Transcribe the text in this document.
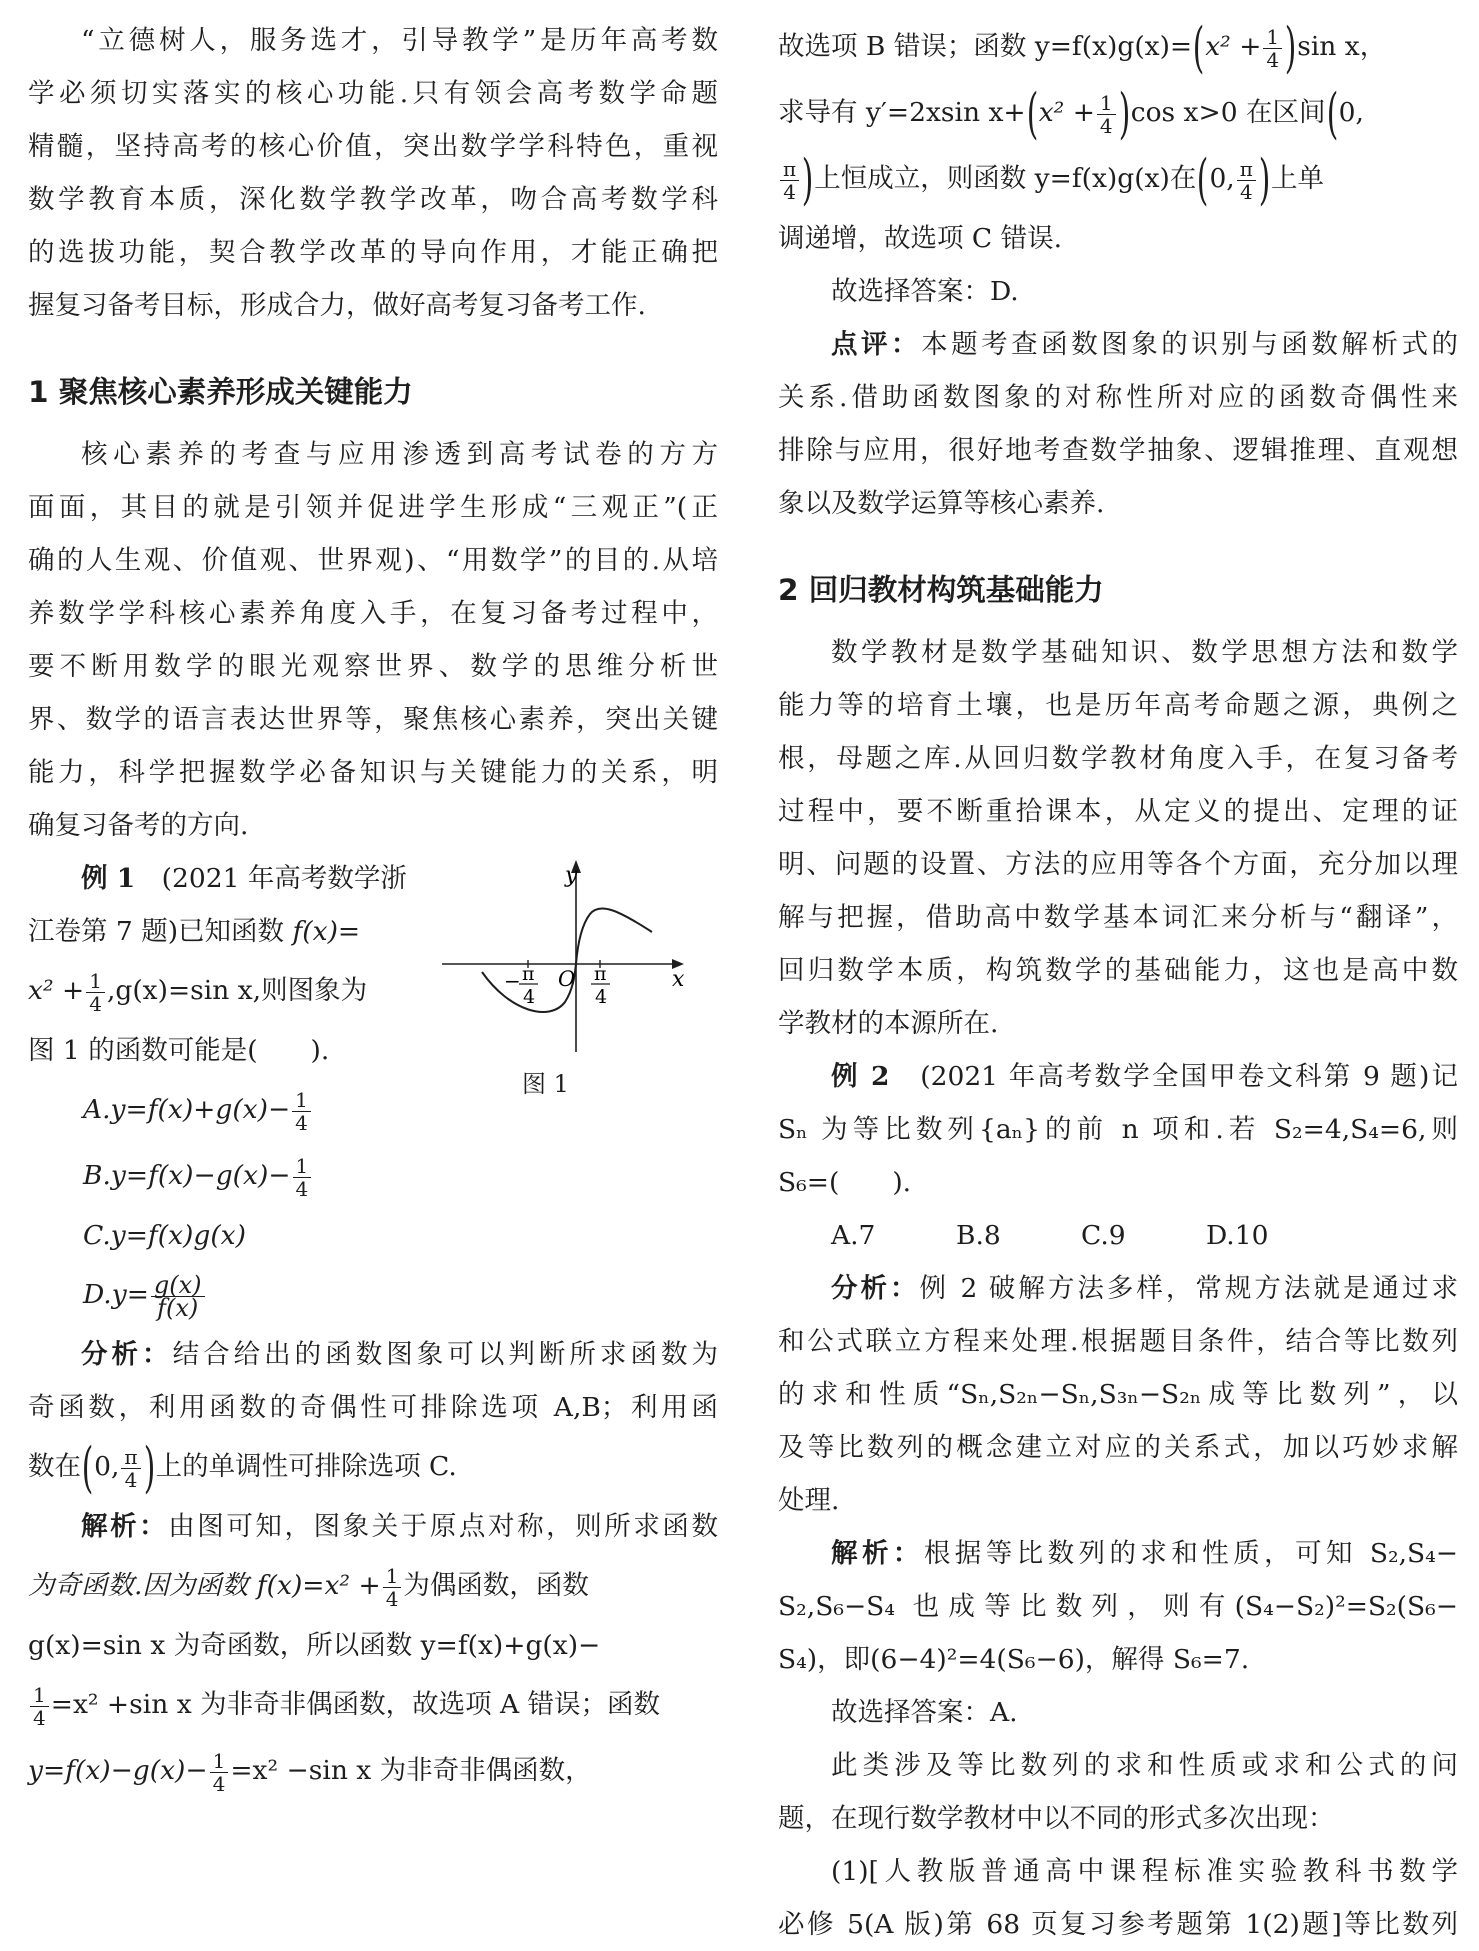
“立德树人，服务选才，引导教学”是历年高考数
学必须切实落实的核心功能.只有领会高考数学命题
精髓，坚持高考的核心价值，突出数学学科特色，重视
数学教育本质，深化数学教学改革，吻合高考数学科
的选拔功能，契合教学改革的导向作用，才能正确把
握复习备考目标，形成合力，做好高考复习备考工作.
1 聚焦核心素养形成关键能力
核心素养的考查与应用渗透到高考试卷的方方
面面，其目的就是引领并促进学生形成“三观正”(正
确的人生观、价值观、世界观)、“用数学”的目的.从培
养数学学科核心素养角度入手，在复习备考过程中，
要不断用数学的眼光观察世界、数学的思维分析世
界、数学的语言表达世界等，聚焦核心素养，突出关键
能力，科学把握数学必备知识与关键能力的关系，明
确复习备考的方向.
例 1　 (2021 年高考数学浙
江卷第 7 题)已知函数 f(x)=
$x^2 + \frac{1}{4} ,g(x)=\sin$ x,则图象为
图 1 的函数可能是(　　).
$A.y=f(x)+g(x)- \frac{1}{4}$
$B.y=f(x)-g(x)- \frac{1}{4}$
C.y=f(x)g(x)
$D.y= \frac{g(x)}{f(x)}$
y
x
O
− π
4
π
4
图 1
分析：结合给出的函数图象可以判断所求函数为
奇函数，利用函数的奇偶性可排除选项 A,B；利用函
数在(0, $\frac{\pi}{4}$ )上的单调性可排除选项 C.
解析：由图可知，图象关于原点对称，则所求函数
为奇函数.因为函数 $f(x)=x^2 + \frac{1}{4}$ 为偶函数，函数
g(x)=sin x 为奇函数，所以函数 y=f(x)+g(x)−
$\frac{1}{4} =x^2 +\sin$ x 为非奇非偶函数，故选项 A 错误；函数
$y=f(x)-g(x)- \frac{1}{4} =x^2 -\sin$ x 为非奇非偶函数，
故选项 B 错误；函数 $y=f(x)g(x)=(x^2 + \frac{1}{4} )\sin$ x，
求导有 y′=2xsin $x+(x^2 + \frac{1}{4} )\cos$ x>0 在区间(0,
$\frac{\pi}{4}$ )上恒成立，则函数 y=f(x)g(x)在(0, $\frac{\pi}{4}$ )上单
调递增，故选项 C 错误.
故选择答案：D.
点评：本题考查函数图象的识别与函数解析式的
关系.借助函数图象的对称性所对应的函数奇偶性来
排除与应用，很好地考查数学抽象、逻辑推理、直观想
象以及数学运算等核心素养.
2 回归教材构筑基础能力
数学教材是数学基础知识、数学思想方法和数学
能力等的培育土壤，也是历年高考命题之源，典例之
根，母题之库.从回归数学教材角度入手，在复习备考
过程中，要不断重拾课本，从定义的提出、定理的证
明、问题的设置、方法的应用等各个方面，充分加以理
解与把握，借助高中数学基本词汇来分析与“翻译”，
回归数学本质，构筑数学的基础能力，这也是高中数
学教材的本源所在.
例 2　 (2021 年高考数学全国甲卷文科第 9 题)记
Sₙ 为等比数列{aₙ}的前 n 项和.若 S₂=4,S₄=6,则
S₆=(　　).
A.7	B.8	C.9	D.10
分析：例 2 破解方法多样，常规方法就是通过求
和公式联立方程来处理.根据题目条件，结合等比数列
的求和性质“Sₙ,S₂ₙ−Sₙ,S₃ₙ−S₂ₙ成等比数列”，以
及等比数列的概念建立对应的关系式，加以巧妙求解
处理.
解析：根据等比数列的求和性质，可知 S₂,S₄−
S₂,S₆−S₄ 也成等比数列，则有(S₄−S₂)²=S₂(S₆−
S₄)，即(6−4)²=4(S₆−6)，解得 S₆=7.
故选择答案：A.
此类涉及等比数列的求和性质或求和公式的问
题，在现行数学教材中以不同的形式多次出现：
(1)[人教版普通高中课程标准实验教科书数学
必修 5(A 版)第 68 页复习参考题第 1(2)题]等比数列
